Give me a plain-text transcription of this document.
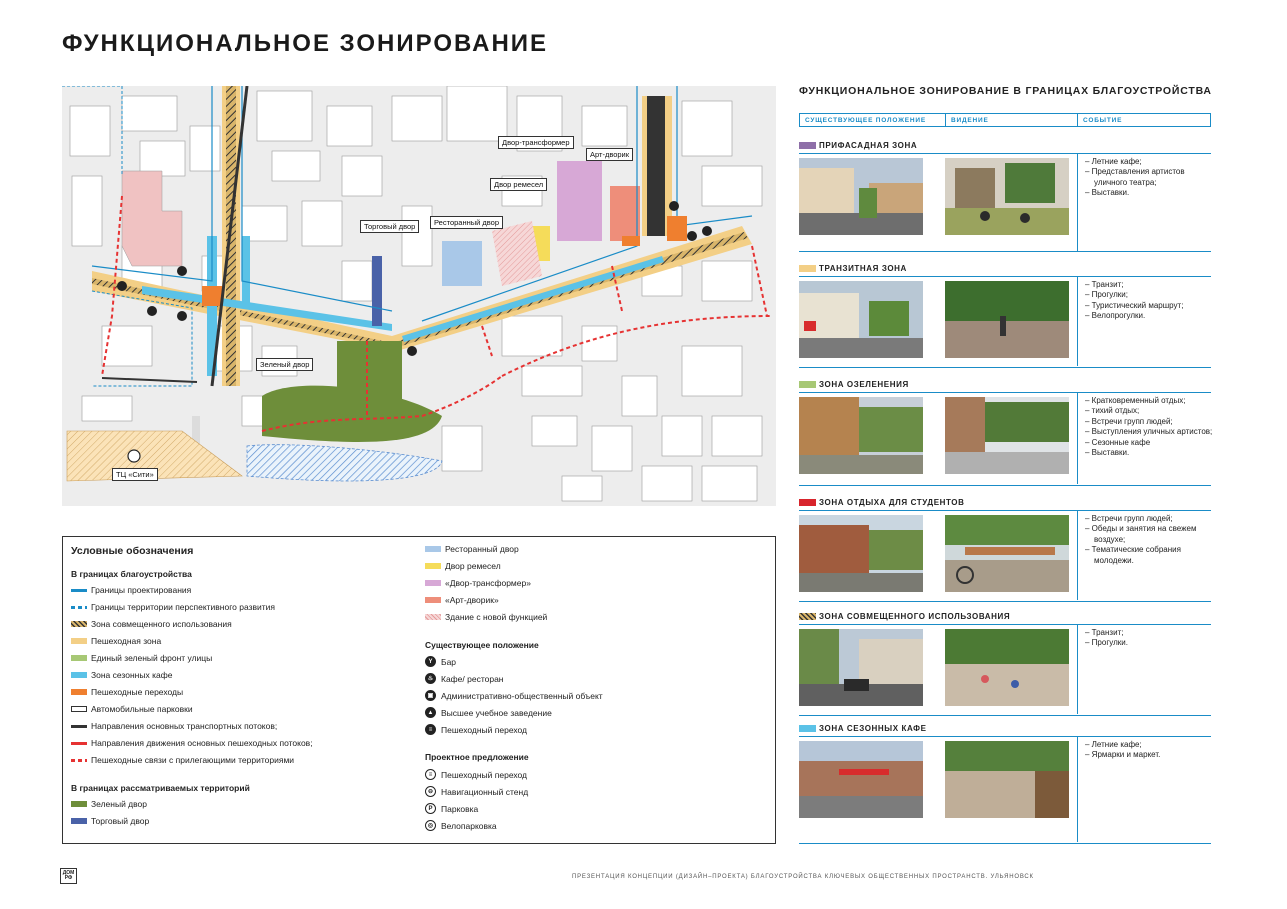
ФУНКЦИОНАЛЬНОЕ ЗОНИРОВАНИЕ
Двор-трансформер
Арт-дворик
Двор ремесел
Ресторанный двор
Торговый двор
Зеленый двор
ТЦ «Сити»
Условные обозначения
В границах благоустройства
Границы проектирования
Границы территории перспективного развития
Зона совмещенного использования
Пешеходная зона
Единый зеленый фронт улицы
Зона сезонных кафе
Пешеходные переходы
Автомобильные парковки
Направления основных транспортных потоков;
Направления движения основных пешеходных потоков;
Пешеходные связи с прилегающими территориями
В границах рассматриваемых территорий
Зеленый двор
Торговый двор
Ресторанный двор
Двор ремесел
«Двор-трансформер»
«Арт-дворик»
Здание с новой функцией
Существующее положение
Y	Бар
♨ Кафе/ ресторан
▣ Административно-общественный объект
▲ Высшее учебное заведение
≡	Пешеходный переход
Проектное предложение
≡	Пешеходный переход
⊖ Навигационный стенд
P	Парковка
◎ Велопарковка
ФУНКЦИОНАЛЬНОЕ ЗОНИРОВАНИЕ В ГРАНИЦАХ БЛАГОУСТРОЙСТВА
СУЩЕСТВУЮЩЕЕ ПОЛОЖЕНИЕ	ВИДЕНИЕ	СОБЫТИЕ
ПРИФАСАДНАЯ ЗОНА
– Летние кафе;
– Представления артистов уличного театра;
– Выставки.
ТРАНЗИТНАЯ ЗОНА
– Транзит;
– Прогулки;
– Туристический маршрут;
– Велопрогулки.
ЗОНА ОЗЕЛЕНЕНИЯ
– Кратковременный отдых;
– тихий отдых;
– Встречи групп людей;
– Выступления уличных артистов;
– Сезонные кафе
– Выставки.
ЗОНА ОТДЫХА ДЛЯ СТУДЕНТОВ
– Встречи групп людей;
– Обеды и занятия на свежем воздухе;
– Тематические собрания молодежи.
ЗОНА СОВМЕЩЕННОГО ИСПОЛЬЗОВАНИЯ
– Транзит;
– Прогулки.
ЗОНА СЕЗОННЫХ КАФЕ
– Летние кафе;
– Ярмарки и маркет.
ДОМ РФ	ПРЕЗЕНТАЦИЯ КОНЦЕПЦИИ (ДИЗАЙН–ПРОЕКТА) БЛАГОУСТРОЙСТВА КЛЮЧЕВЫХ ОБЩЕСТВЕННЫХ ПРОСТРАНСТВ. УЛЬЯНОВСК
